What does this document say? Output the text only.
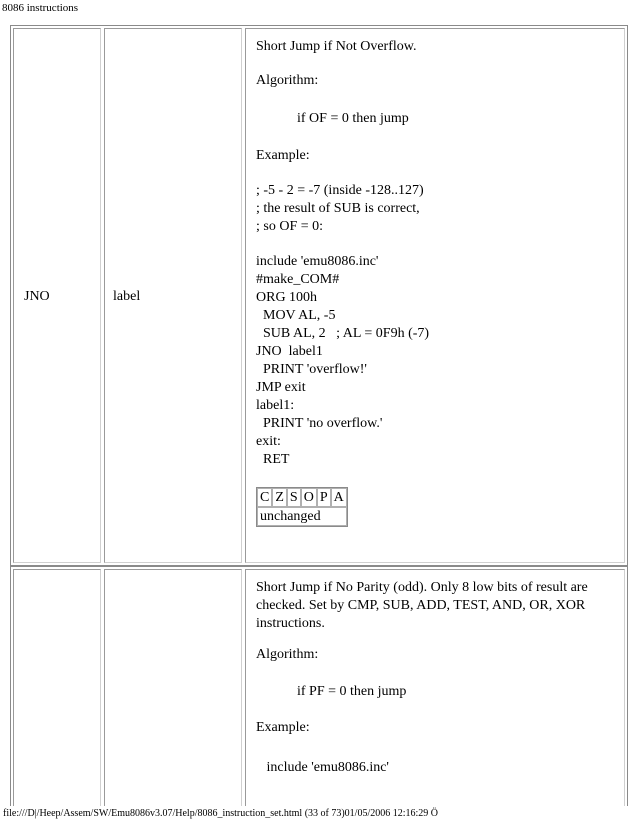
8086 instructions
JNO	label
Short Jump if Not Overflow.
Algorithm:
if OF = 0 then jump
Example:
; -5 - 2 = -7 (inside -128..127)
; the result of SUB is correct,
; so OF = 0:
include 'emu8086.inc'
#make_COM#
ORG 100h
MOV AL, -5
SUB AL, 2   ; AL = 0F9h (-7)
JNO  label1
PRINT 'overflow!'
JMP exit
label1:
PRINT 'no overflow.'
exit:
RET
C	Z	S	O	P	A
unchanged
Short Jump if No Parity (odd). Only 8 low bits of result are
checked. Set by CMP, SUB, ADD, TEST, AND, OR, XOR
instructions.
Algorithm:
if PF = 0 then jump
Example:
include 'emu8086.inc'
file:///D|/Heep/Assem/SW/Emu8086v3.07/Help/8086_instruction_set.html (33 of 73)01/05/2006 12:16:29 Ö
